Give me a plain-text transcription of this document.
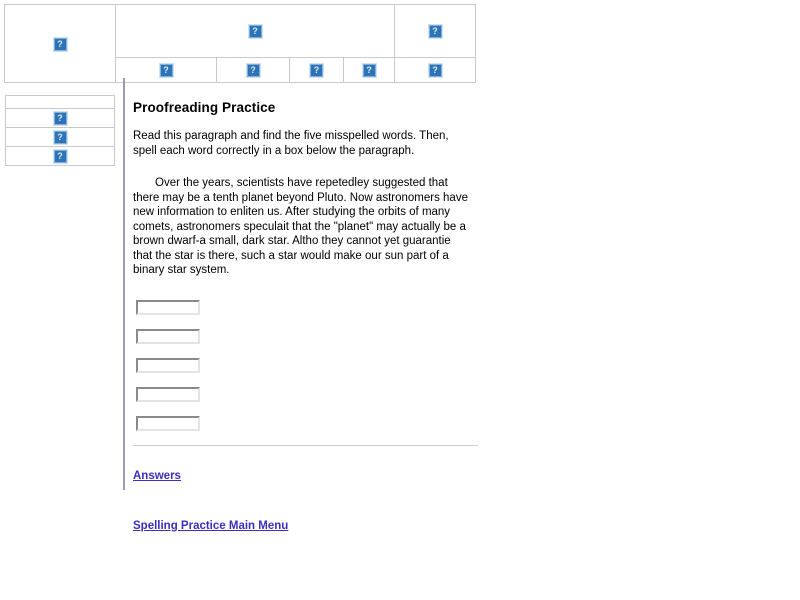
?	?	?
?	?	?	?	?

?
?
?
Proofreading Practice

Read this paragraph and find the five misspelled words. Then, spell each word correctly in a box below the paragraph.

Over the years, scientists have repetedley suggested that there may be a tenth planet beyond Pluto. Now astronomers have new information to enliten us. After studying the orbits of many comets, astronomers speculait that the "planet" may actually be a brown dwarf-a small, dark star. Altho they cannot yet guarantie that the star is there, such a star would make our sun part of a binary star system.

Answers
Spelling Practice Main Menu
